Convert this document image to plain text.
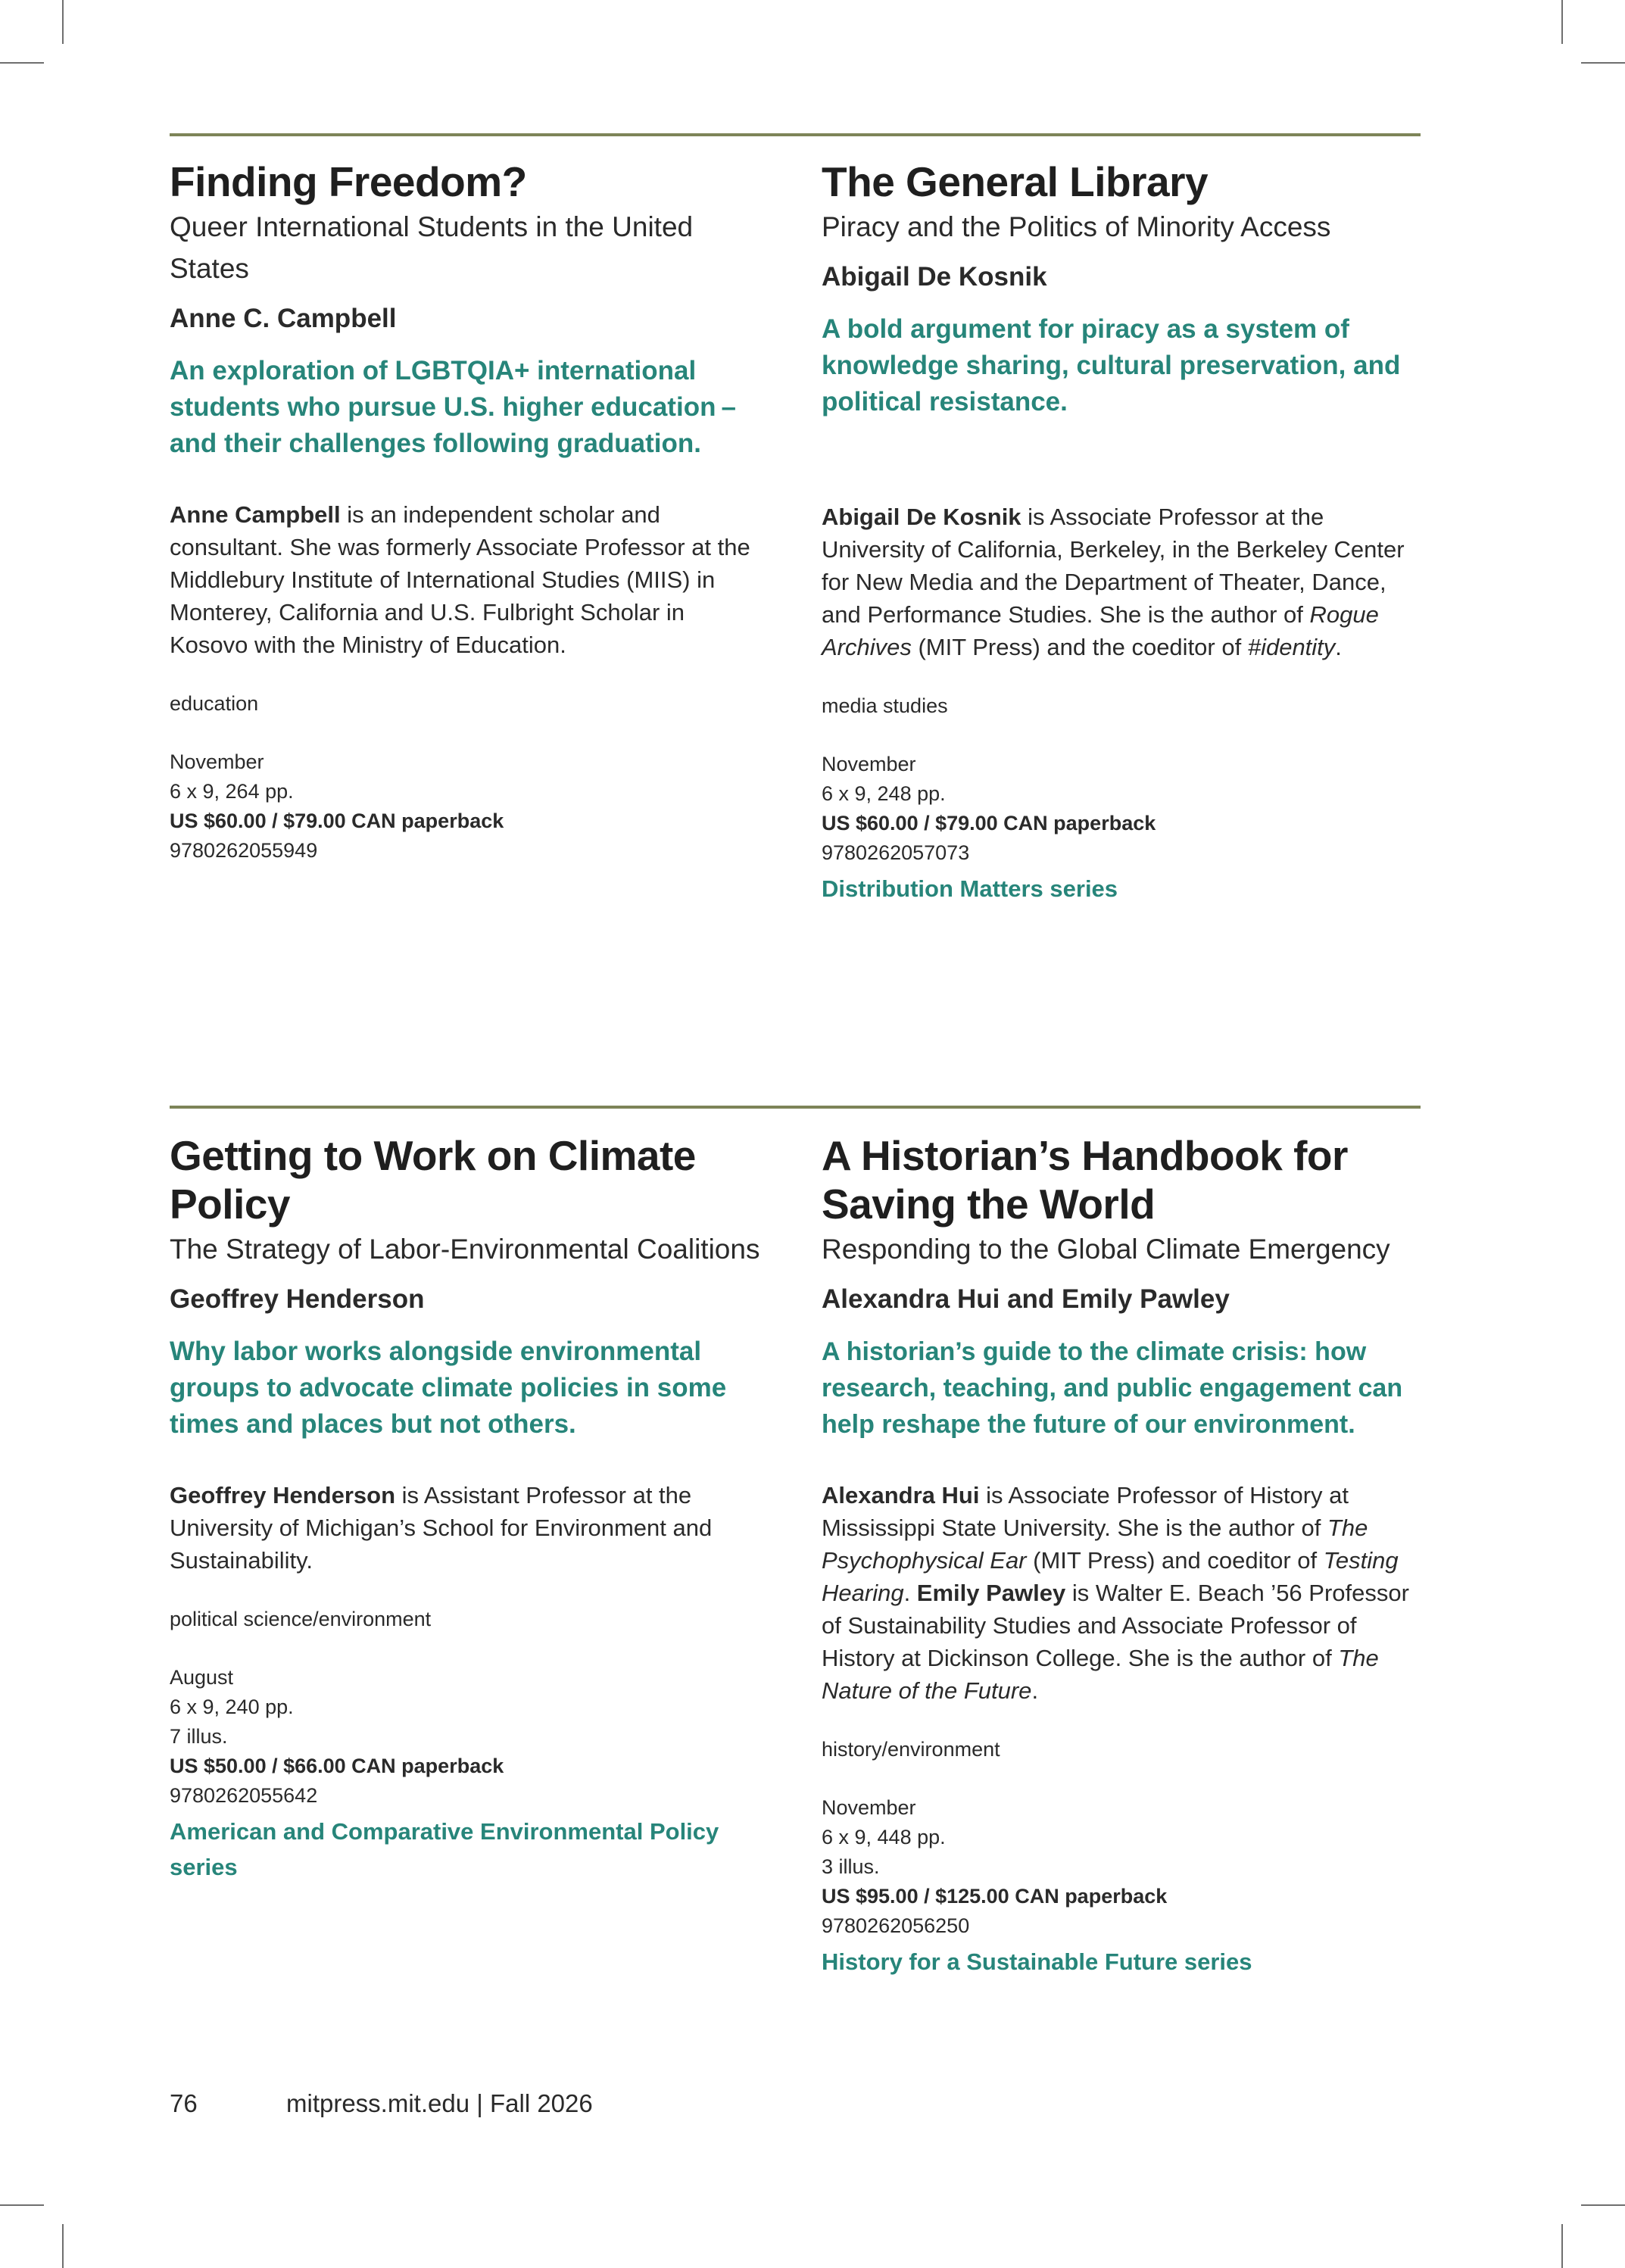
Finding Freedom?

Queer International Students in the United States

Anne C. Campbell

An exploration of LGBTQIA+ international students who pursue U.S. higher education – and their challenges following graduation.

Anne Campbell is an independent scholar and consultant. She was formerly Associate Professor at the Middlebury Institute of International Studies (MIIS) in Monterey, California and U.S. Fulbright Scholar in Kosovo with the Ministry of Education.

education

November

6 x 9, 264 pp.

US $60.00 / $79.00 CAN paperback

9780262055949

The General Library

Piracy and the Politics of Minority Access

Abigail De Kosnik

A bold argument for piracy as a system of knowledge sharing, cultural preservation, and political resistance.

Abigail De Kosnik is Associate Professor at the University of California, Berkeley, in the Berkeley Center for New Media and the Department of Theater, Dance, and Performance Studies. She is the author of Rogue Archives (MIT Press) and the coeditor of #identity.

media studies

November

6 x 9, 248 pp.

US $60.00 / $79.00 CAN paperback

9780262057073

Distribution Matters series

Getting to Work on Climate Policy

The Strategy of Labor-Environmental Coalitions

Geoffrey Henderson

Why labor works alongside environmental groups to advocate climate policies in some times and places but not others.

Geoffrey Henderson is Assistant Professor at the University of Michigan’s School for Environment and Sustainability.

political science/environment

August

6 x 9, 240 pp.

7 illus.

US $50.00 / $66.00 CAN paperback

9780262055642

American and Comparative Environmental Policy series

A Historian’s Handbook for Saving the World

Responding to the Global Climate Emergency

Alexandra Hui and Emily Pawley

A historian’s guide to the climate crisis: how research, teaching, and public engagement can help reshape the future of our environment.

Alexandra Hui is Associate Professor of History at Mississippi State University. She is the author of The Psychophysical Ear (MIT Press) and coeditor of Testing Hearing. Emily Pawley is Walter E. Beach ’56 Professor of Sustainability Studies and Associate Professor of History at Dickinson College. She is the author of The Nature of the Future.

history/environment

November

6 x 9, 448 pp.

3 illus.

US $95.00 / $125.00 CAN paperback

9780262056250

History for a Sustainable Future series

76	mitpress.mit.edu | Fall 2026
